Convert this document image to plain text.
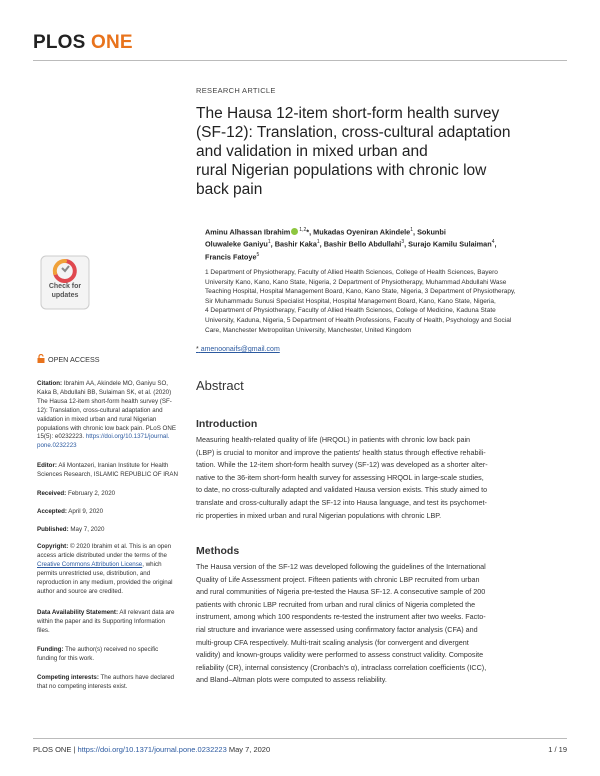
PLOS ONE
RESEARCH ARTICLE
The Hausa 12-item short-form health survey
(SF-12): Translation, cross-cultural adaptation
and validation in mixed urban and
rural Nigerian populations with chronic low
back pain
Aminu Alhassan Ibrahim $^{1,2}$*, Mukadas Oyeniran Akindele$^1$, Sokunbi
Oluwaleke Ganiyu$^1$, Bashir Kaka$^1$, Bashir Bello Abdullahi$^3$, Surajo Kamilu Sulaiman$^4$,
Francis Fatoye$^5$
1 Department of Physiotherapy, Faculty of Allied Health Sciences, College of Health Sciences, Bayero
University Kano, Kano, Kano State, Nigeria, 2 Department of Physiotherapy, Muhammad Abdullahi Wase
Teaching Hospital, Hospital Management Board, Kano, Kano State, Nigeria, 3 Department of Physiotherapy,
Sir Muhammadu Sunusi Specialist Hospital, Hospital Management Board, Kano, Kano State, Nigeria,
4 Department of Physiotherapy, Faculty of Allied Health Sciences, College of Medicine, Kaduna State
University, Kaduna, Nigeria, 5 Department of Health Professions, Faculty of Health, Psychology and Social
Care, Manchester Metropolitan University, Manchester, United Kingdom
* amenoonaifs@gmail.com
Abstract
Introduction
Measuring health-related quality of life (HRQOL) in patients with chronic low back pain
(LBP) is crucial to monitor and improve the patients' health status through effective rehabili-
tation. While the 12-item short-form health survey (SF-12) was developed as a shorter alter-
native to the 36-item short-form health survey for assessing HRQOL in large-scale studies,
to date, no cross-culturally adapted and validated Hausa version exists. This study aimed to
translate and cross-culturally adapt the SF-12 into Hausa language, and test its psychomet-
ric properties in mixed urban and rural Nigerian populations with chronic LBP.
Methods
The Hausa version of the SF-12 was developed following the guidelines of the International
Quality of Life Assessment project. Fifteen patients with chronic LBP recruited from urban
and rural communities of Nigeria pre-tested the Hausa SF-12. A consecutive sample of 200
patients with chronic LBP recruited from urban and rural clinics of Nigeria completed the
instrument, among which 100 respondents re-tested the instrument after two weeks. Facto-
rial structure and invariance were assessed using confirmatory factor analysis (CFA) and
multi-group CFA respectively. Multi-trait scaling analysis (for convergent and divergent
validity) and known-groups validity were performed to assess construct validity. Composite
reliability (CR), internal consistency (Cronbach's α), intraclass correlation coefficients (ICC),
and Bland–Altman plots were computed to assess reliability.
Check for
updates
OPEN ACCESS
Citation: Ibrahim AA, Akindele MO, Ganiyu SO,
Kaka B, Abdullahi BB, Sulaiman SK, et al. (2020)
The Hausa 12-item short-form health survey (SF-
12): Translation, cross-cultural adaptation and
validation in mixed urban and rural Nigerian
populations with chronic low back pain. PLoS ONE
15(5): e0232223. https://doi.org/10.1371/journal.
pone.0232223
Editor: Ali Montazeri, Iranian Institute for Health
Sciences Research, ISLAMIC REPUBLIC OF IRAN
Received: February 2, 2020
Accepted: April 9, 2020
Published: May 7, 2020
Copyright: © 2020 Ibrahim et al. This is an open
access article distributed under the terms of the
Creative Commons Attribution License, which
permits unrestricted use, distribution, and
reproduction in any medium, provided the original
author and source are credited.
Data Availability Statement: All relevant data are
within the paper and its Supporting Information
files.
Funding: The author(s) received no specific
funding for this work.
Competing interests: The authors have declared
that no competing interests exist.
PLOS ONE | https://doi.org/10.1371/journal.pone.0232223 May 7, 2020	1 / 19
